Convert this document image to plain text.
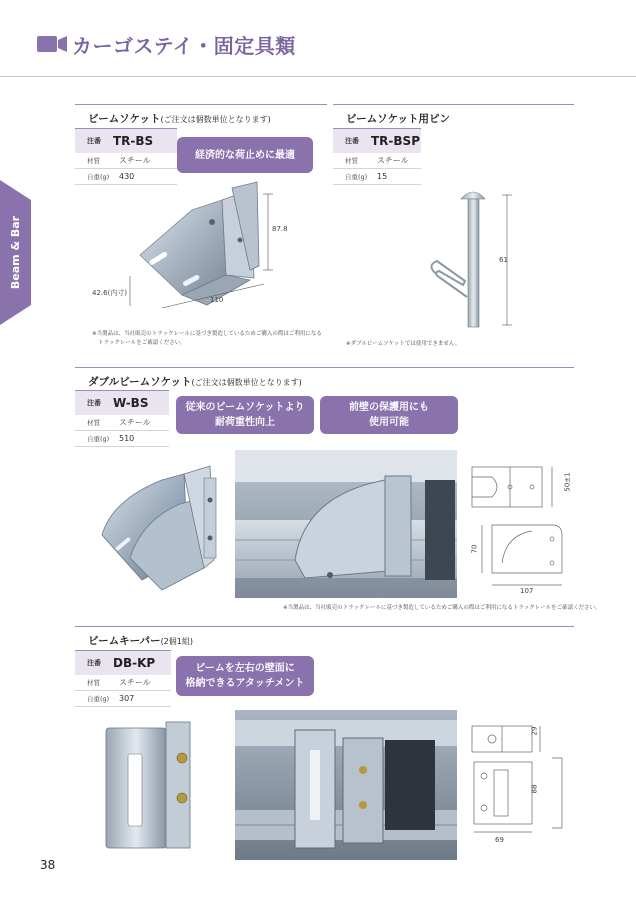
カーゴステイ・固定具類
Beam & Bar
ビームソケット(ご注文は個数単位となります)
注番	TR-BS
材質	スチール
自重(g)	430
経済的な荷止めに最適
87.8
42.6(内寸)
110
※当製品は、当社販売のトラックレールに基づき製造しているためご購入の際はご利用になる
トラックレールをご確認ください。
ビームソケット用ピン
注番	TR-BSP
材質	スチール
自重(g)	15
61
※ダブルビームソケットでは使用できません。
ダブルビームソケット(ご注文は個数単位となります)
注番	W-BS
材質	スチール
自重(g)	510
従来のビームソケットより
耐荷重性向上
前壁の保護用にも
使用可能
50±1
70
107
※当製品は、当社販売のトラックレールに基づき製造しているためご購入の際はご利用になるトラックレールをご確認ください。
ビームキーパー(2個1組)
注番	DB-KP
材質	スチール
自重(g)	307
ビームを左右の壁面に
格納できるアタッチメント
29
88
69
38
